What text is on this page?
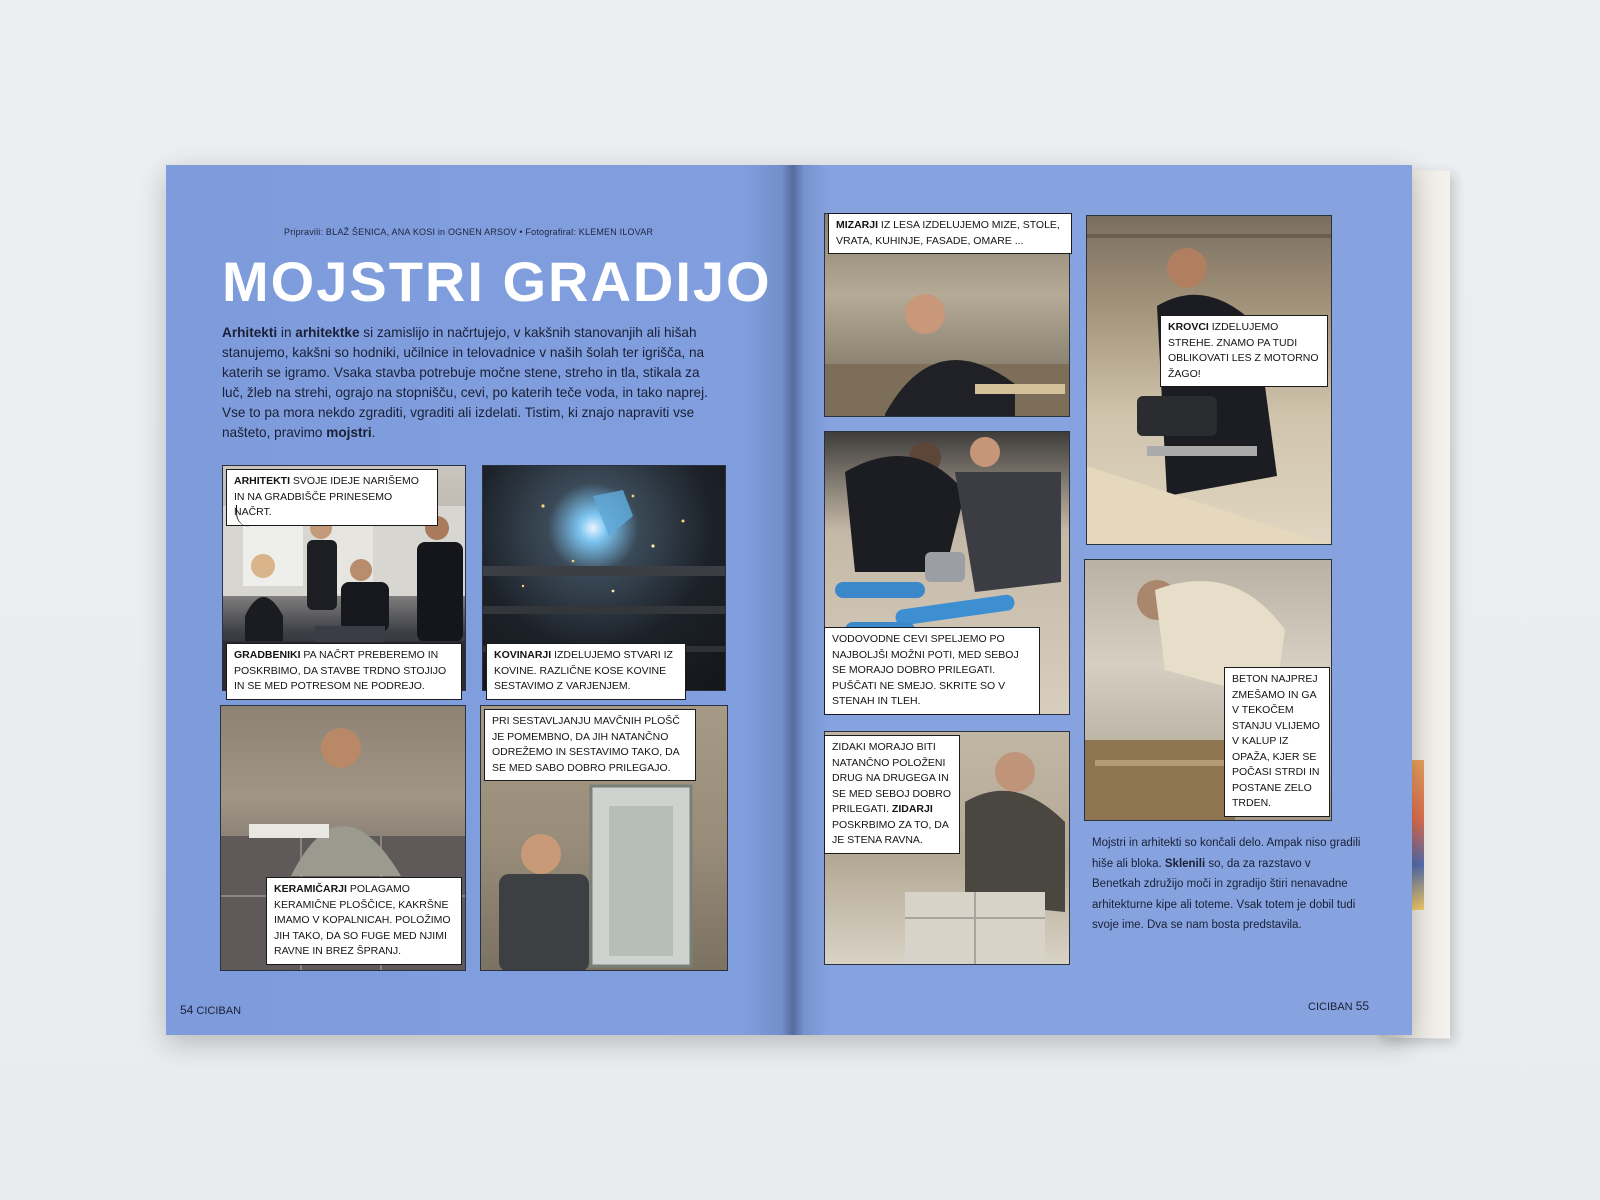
Pripravili: BLAŽ ŠENICA, ANA KOSI in OGNEN ARSOV • Fotografiral: KLEMEN ILOVAR
MOJSTRI GRADIJO
Arhitekti in arhitektke si zamislijo in načrtujejo, v kakšnih stanovanjih ali hišah stanujemo, kakšni so hodniki, učilnice in telovadnice v naših šolah ter igrišča, na katerih se igramo. Vsaka stavba potrebuje močne stene, streho in tla, stikala za luč, žleb na strehi, ograjo na stopnišču, cevi, po katerih teče voda, in tako naprej. Vse to pa mora nekdo zgraditi, vgraditi ali izdelati. Tistim, ki znajo napraviti vse našteto, pravimo mojstri.
ARHITEKTI SVOJE IDEJE NARIŠEMO IN NA GRADBIŠČE PRINESEMO NAČRT.
GRADBENIKI PA NAČRT PREBEREMO IN POSKRBIMO, DA STAVBE TRDNO STOJIJO IN SE MED POTRESOM NE PODREJO.
KOVINARJI IZDELUJEMO STVARI IZ KOVINE. RAZLIČNE KOSE KOVINE SESTAVIMO Z VARJENJEM.
KERAMIČARJI POLAGAMO KERAMIČNE PLOŠČICE, KAKRŠNE IMAMO V KOPALNICAH. POLOŽIMO JIH TAKO, DA SO FUGE MED NJIMI RAVNE IN BREZ ŠPRANJ.
PRI SESTAVLJANJU MAVČNIH PLOŠČ JE POMEMBNO, DA JIH NATANČNO ODREŽEMO IN SESTAVIMO TAKO, DA SE MED SABO DOBRO PRILEGAJO.
54 CICIBAN
MIZARJI IZ LESA IZDELUJEMO MIZE, STOLE, VRATA, KUHINJE, FASADE, OMARE ...
KROVCI IZDELUJEMO STREHE. ZNAMO PA TUDI OBLIKOVATI LES Z MOTORNO ŽAGO!
VODOVODNE CEVI SPELJEMO PO NAJBOLJŠI MOŽNI POTI, MED SEBOJ SE MORAJO DOBRO PRILEGATI. PUŠČATI NE SMEJO. SKRITE SO V STENAH IN TLEH.
BETON NAJPREJ ZMEŠAMO IN GA V TEKOČEM STANJU VLIJEMO V KALUP IZ OPAŽA, KJER SE POČASI STRDI IN POSTANE ZELO TRDEN.
ZIDAKI MORAJO BITI NATANČNO POLOŽENI DRUG NA DRUGEGA IN SE MED SEBOJ DOBRO PRILEGATI. ZIDARJI POSKRBIMO ZA TO, DA JE STENA RAVNA.	Mojstri in arhitekti so končali delo. Ampak niso gradili hiše ali bloka. Sklenili so, da za razstavo v Benetkah združijo moči in zgradijo štiri nenavadne arhitekturne kipe ali toteme. Vsak totem je dobil tudi svoje ime. Dva se nam bosta predstavila.
CICIBAN 55
